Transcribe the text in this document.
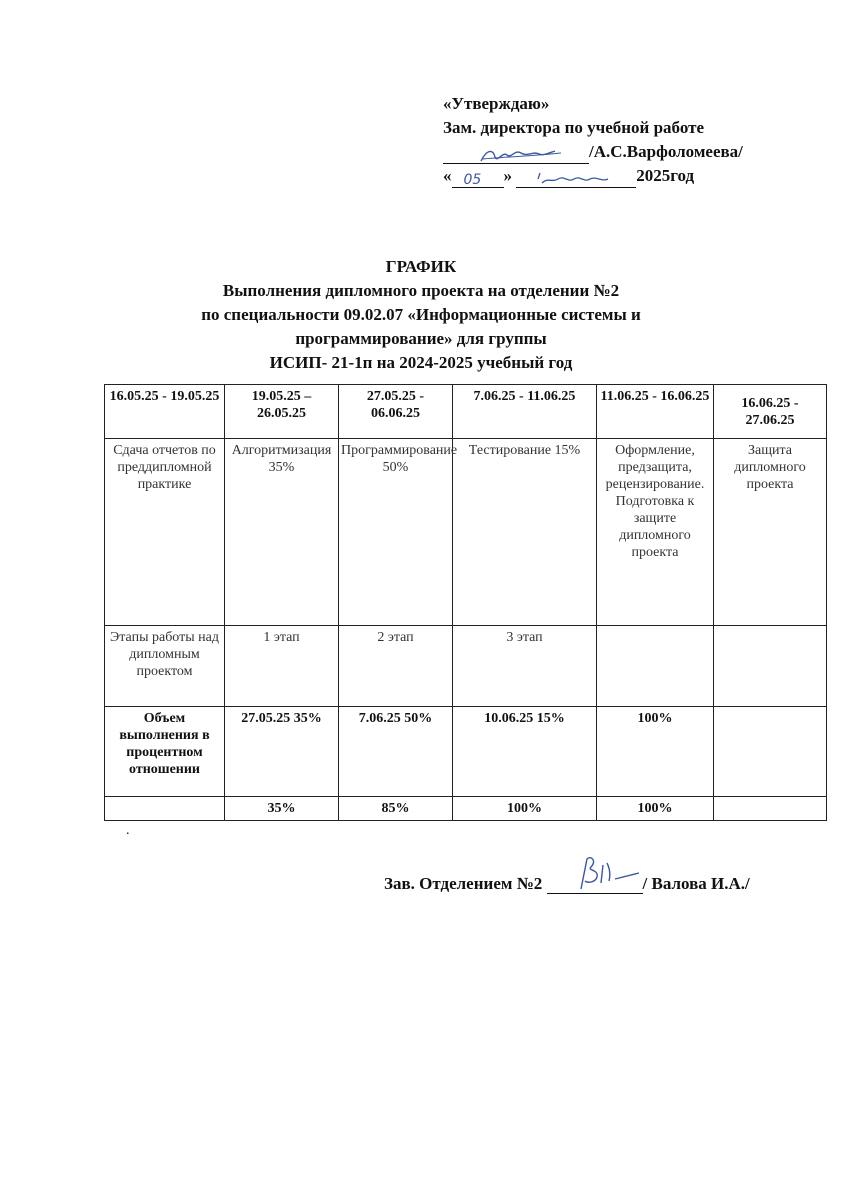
«Утверждаю»
Зам. директора по учебной работе
/А.С.Варфоломеева/
« 05 »	2025год
ГРАФИК
Выполнения дипломного проекта на отделении №2
по специальности 09.02.07 «Информационные системы и
программирование» для группы
ИСИП- 21-1п на 2024-2025 учебный год
16.05.25 - 19.05.25	19.05.25 – 26.05.25	27.05.25 - 06.06.25	7.06.25 - 11.06.25	11.06.25 - 16.06.25	16.06.25 - 27.06.25
Сдача отчетов по преддипломной практике	Алгоритмизация 35%	Программирование 50%	Тестирование 15%	Оформление, предзащита, рецензирование. Подготовка к защите дипломного проекта	Защита дипломного проекта
Этапы работы над дипломным проектом	1 этап	2 этап	3 этап		
Объем выполнения в процентном отношении	27.05.25 35%	7.06.25 50%	10.06.25 15%	100%	
	35%	85%	100%	100%	
.
Зав. Отделением №2	/ Валова И.А./
